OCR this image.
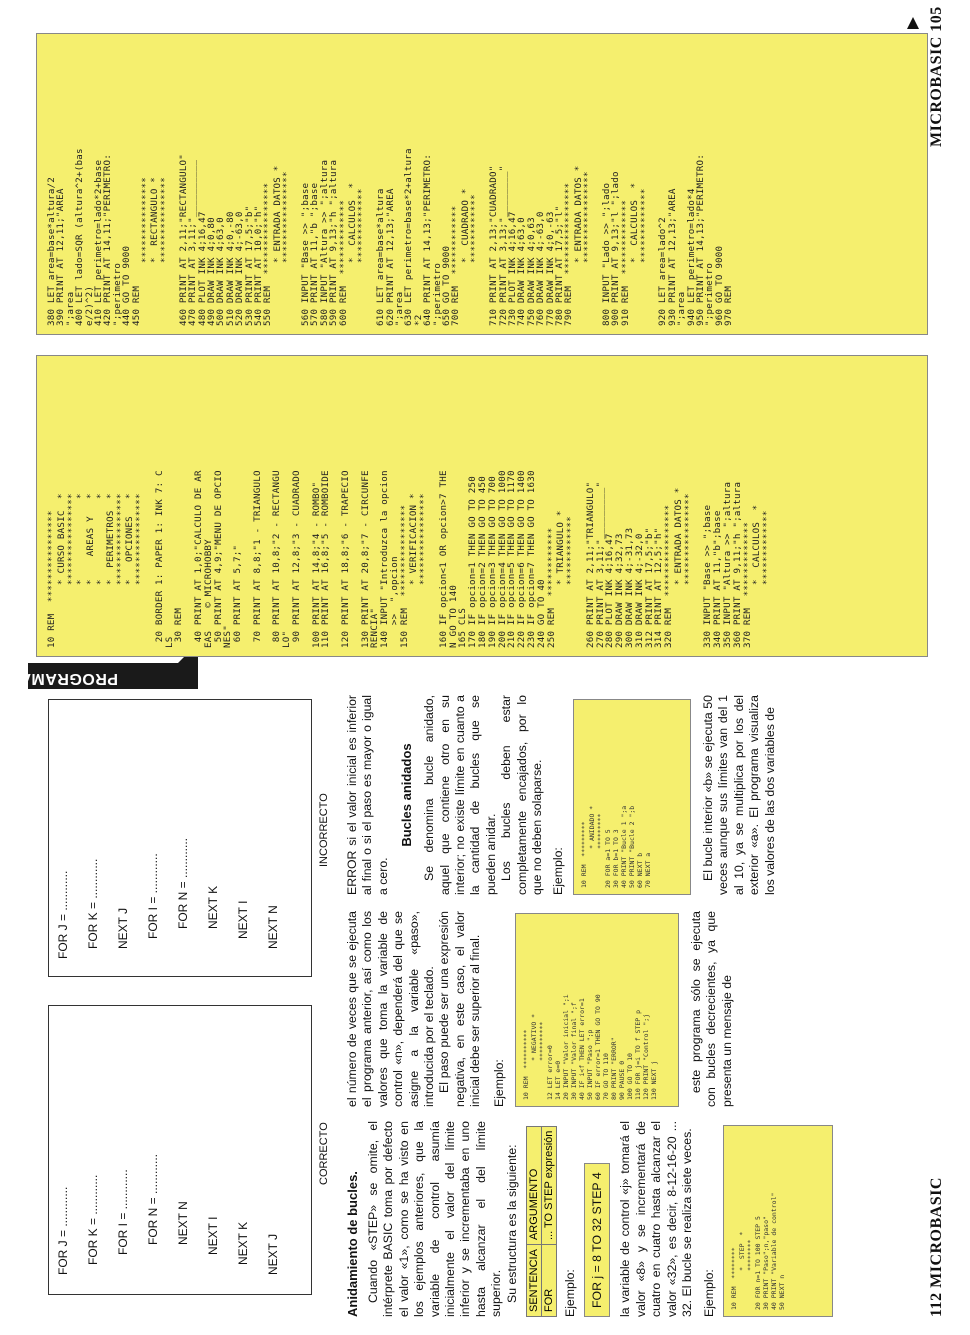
112 MICROBASIC
FOR J = ............	FOR K = ............	FOR I = ............	FOR N = ............	NEXT N	NEXT I	NEXT K	NEXT J
CORRECTO
FOR J = ............	FOR K = ............	NEXT J	FOR I = ............	FOR N = ............	NEXT K	NEXT I	NEXT N
INCORRECTO
Anidamiento de bucles. Cuando «STEP» se omite, el intérprete BASIC toma por defecto el valor «1», como se ha visto en los ejemplos anteriores, que la variable de control asumía inicialmente el valor del límite inferior y se incrementaba en uno hasta alcanzar el del límite superior. Su estructura es la siguiente: SENTENCIA	ARGUMENTO
FOR	... TO STEP expresión
Ejemplo: FOR j = 8 TO 32 STEP 4 la variable de control «j» tomará el valor «8» y se incrementará de cuatro en cuatro hasta alcanzar el valor «32», es decir, 8-12-16-20 ... 32. El bucle se realiza siete veces. Ejemplo:	10 REM  ********
*  STEP  *
********
20 FOR n=1 TO 100 STEP 5
30 PRINT "Paso";n,"paso"
40 PRINT "Variable de control"
50 NEXT n

el número de veces que se ejecuta el programa anterior, así como los valores que toma la variable de control «n», dependerá del que se asigne a la variable «paso», introducida por el teclado. El paso puede ser una expresión negativa, en este caso, el valor inicial debe ser superior al final. Ejemplo:	10 REM  **********
* NEGATIVO *
**********
12 LET error=0
14 LET e=0
20 INPUT "Valor inicial ";i
30 INPUT "Valor final ";f
40 IF i<f THEN LET error=1
50 INPUT "Paso ";p
60 IF error=1 THEN GO TO 90
70 GO TO 110
80 PRINT "ERROR"
90 PAUSE 0
100 GO TO 10
110 FOR j=i TO f STEP p
120 PRINT "Control ";j
130 NEXT j	este programa sólo se ejecuta con bucles decrecientes, ya que presenta un mensaje de

ERROR si el valor inicial es inferior al final o si el paso es mayor o igual a cero.

Bucles anidados Se denomina bucle anidado, aquel que contiene otro en su interior; no existe límite en cuanto a la cantidad de bucles que se pueden anidar. Los bucles deben estar completamente encajados, por lo que no deben solaparse. Ejemplo:	10 REM  *********
* ANIDADO *
*********
20 FOR a=1 TO 5
30 FOR b=1 TO 3
40 PRINT "Bucle 1 ";a
50 PRINT "Bucle 2 ";b
60 NEXT b
70 NEXT a	El bucle interior «b» se ejecuta 50 veces aunque sus límites van del 1 al 10, ya se multiplica por los del exterior «a». El programa visualiza los valores de las dos variables de

PROGRAMA 2
10 REM  ****************
* CURSO BASIC  *
****************
*              *
*    AREAS Y   *
*              *
*  PERIMETROS  *
****************
*   OPCIONES   *
****************

20 BORDER 1: PAPER 1: INK 7: C
LS
30 REM

40 PRINT AT 1,0;"CALCULO DE AR
EAS    © MICROHOBBY
50 PRINT AT 4,9;"MENU DE OPCIO
NES"
60 PRINT AT 5,7;"

70 PRINT AT 8,8;"1 - TRIANGULO

80 PRINT AT 10,8;"2 - RECTANGU
LO"
90 PRINT AT 12,8;"3 - CUADRADO

100 PRINT AT 14,8;"4 - ROMBO"
110 PRINT AT 16,8;"5 - ROMBOIDE

120 PRINT AT 18,8;"6 - TRAPECIO

130 PRINT AT 20,8;"7 - CIRCUNFE
RENCIA"
140 INPUT "Introduzca la opcion
>>  ",opcion
150 REM  ****************
* VERIFICACION *
****************

160 IF opcion<1 OR opcion>7 THE
N GO TO 140
165 CLS
170 IF opcion=1 THEN GO TO 250
180 IF opcion=2 THEN GO TO 450
190 IF opcion=3 THEN GO TO 700
200 IF opcion=4 THEN GO TO 1000
210 IF opcion=5 THEN GO TO 1170
220 IF opcion=6 THEN GO TO 1400
230 IF opcion=7 THEN GO TO 1630
240 GO TO 40
250 REM  ************
* TRIANGULO *
************

260 PRINT AT 2,11;"TRIANGULO"
270 PRINT AT 3,11;"_________"
280 PLOT INK 4;16,47
290 DRAW INK 4;32,73
300 DRAW INK 4;-31,73
310 DRAW INK 4;-32,0
312 PRINT AT 17,5;"b"
314 PRINT AT 12,5;"h"
320 REM  ****************
* ENTRADA DATOS *
****************

330 INPUT "Base >> ";base
340 PRINT AT 11,"b";base
350 INPUT "Altura >> ";altura
360 PRINT AT 9,11;"h ";altura
370 REM  *************
*  CALCULOS  *
*************
380 LET area=base*altura/2
390 PRINT AT 12,11;"AREA
";area
400 LET lado=SQR (altura^2+(bas
e/2)^2)
410 LET perimetro=lado*2+base
420 PRINT AT 14,11;"PERIMETRO:
";perimetro
440 GO TO 9000
450 REM
***************
*  RECTANGULO *
***************

460 PRINT AT 2,11;"RECTANGULO"
470 PRINT AT 3,11;"__________
480 PLOT INK 4;16,47
490 DRAW INK 4;0,80
500 DRAW INK 4;63,0
510 DRAW INK 4;0,-80
520 DRAW INK 4;-63,0
530 PRINT AT 17,5;"b"
540 PRINT AT 10,0;"h"
550 REM  ****************
* ENTRADA DATOS *
****************

560 INPUT "Base >> ";base
570 PRINT AT 11,"b ";base
580 INPUT "Altura >> ";altura
590 PRINT AT 9,13;"h ";altura
600 REM  *************
*  CALCULOS  *
*************

610 LET area=base*altura
620 PRINT AT 12,13;"AREA
";area
630 LET perimetro=base*2+altura
*2
640 PRINT AT 14,13;"PERIMETRO:
";perimetro
650 GO TO 9000
700 REM  ************
*  CUADRADO *
************

710 PRINT AT 2,13;"CUADRADO"
720 PRINT AT 3,13;"________"
730 PLOT INK 4;16,47
740 DRAW INK 4;63,0
750 DRAW INK 4;0,63
760 DRAW INK 4;-63,0
770 DRAW INK 4;0,-63
780 PRINT AT 17,5;"l"
790 REM  ****************
* ENTRADA DATOS *
****************

800 INPUT "Lado >> ";lado
900 PRINT AT 9,13;"l ";lado
910 REM  *************
*  CALCULOS  *
*************

920 LET area=lado^2
930 PRINT AT 12,13;"AREA
";area
940 LET perimetro=lado*4
950 PRINT AT 14,13;"PERIMETRO:
";perimetro
960 GO TO 9000
970 REM
MICROBASIC 105
